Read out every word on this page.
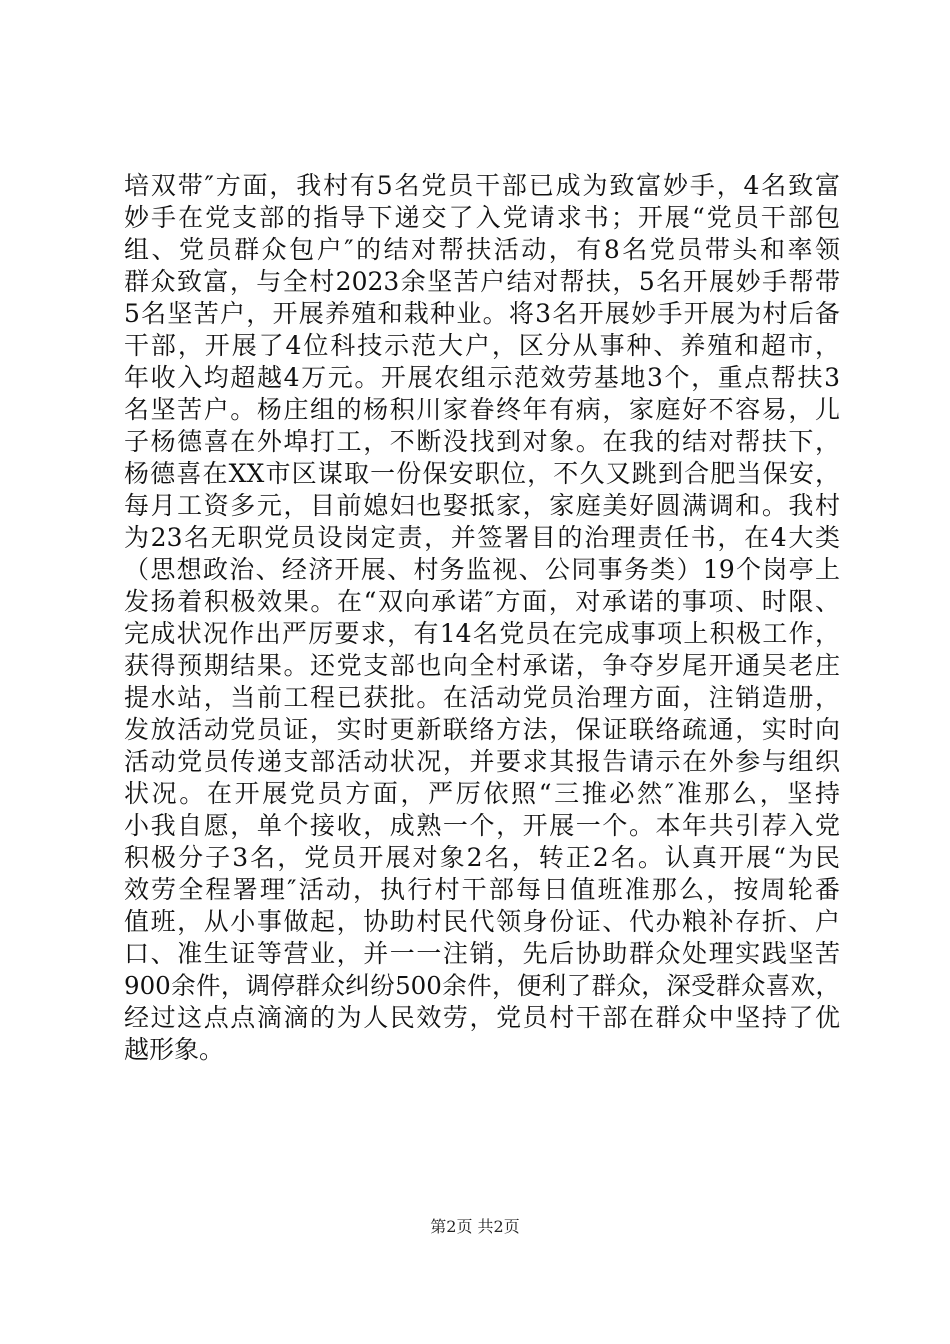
培双带″方面，我村有5名党员干部已成为致富妙手，4名致富
妙手在党支部的指导下递交了入党请求书；开展“党员干部包
组、党员群众包户″的结对帮扶活动，有8名党员带头和率领
群众致富，与全村2023余坚苦户结对帮扶，5名开展妙手帮带
5名坚苦户，开展养殖和栽种业。将3名开展妙手开展为村后备
干部，开展了4位科技示范大户，区分从事种、养殖和超市，
年收入均超越4万元。开展农组示范效劳基地3个，重点帮扶3
名坚苦户。杨庄组的杨积川家眷终年有病，家庭好不容易，儿
子杨德喜在外埠打工，不断没找到对象。在我的结对帮扶下，
杨德喜在XX市区谋取一份保安职位，不久又跳到合肥当保安，
每月工资多元，目前媳妇也娶抵家，家庭美好圆满调和。我村
为23名无职党员设岗定责，并签署目的治理责任书，在4大类
（思想政治、经济开展、村务监视、公同事务类）19个岗亭上
发扬着积极效果。在“双向承诺″方面，对承诺的事项、时限、
完成状况作出严厉要求，有14名党员在完成事项上积极工作，
获得预期结果。还党支部也向全村承诺，争夺岁尾开通吴老庄
提水站，当前工程已获批。在活动党员治理方面，注销造册，
发放活动党员证，实时更新联络方法，保证联络疏通，实时向
活动党员传递支部活动状况，并要求其报告请示在外参与组织
状况。在开展党员方面，严厉依照“三推必然″准那么，坚持
小我自愿，单个接收，成熟一个，开展一个。本年共引荐入党
积极分子3名，党员开展对象2名，转正2名。认真开展“为民
效劳全程署理″活动，执行村干部每日值班准那么，按周轮番
值班，从小事做起，协助村民代领身份证、代办粮补存折、户
口、准生证等营业，并一一注销，先后协助群众处理实践坚苦
900余件，调停群众纠纷500余件，便利了群众，深受群众喜欢，
经过这点点滴滴的为人民效劳，党员村干部在群众中坚持了优
越形象。
第2页 共2页
